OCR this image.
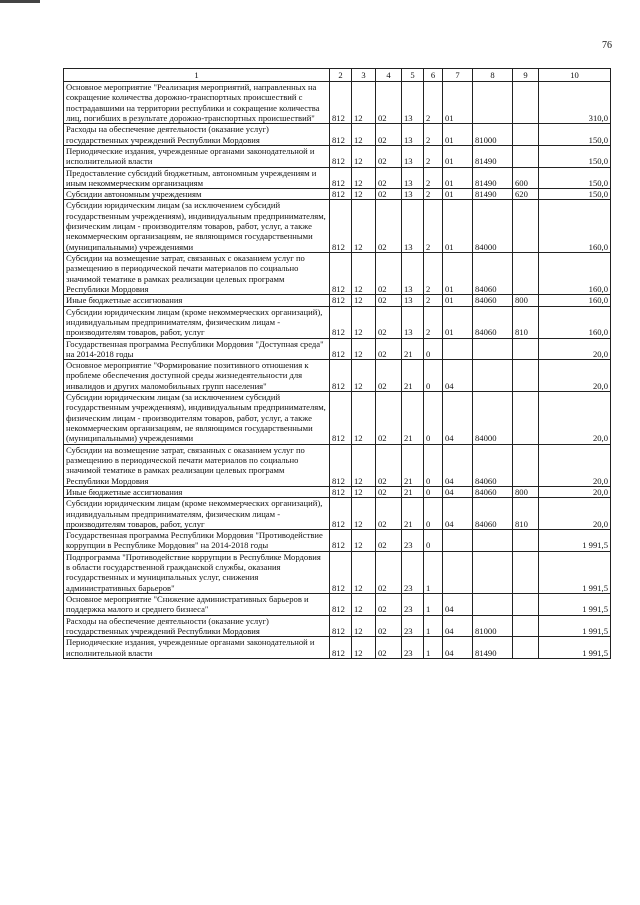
76
1	2	3	4	5	6	7	8	9	10
Основное мероприятие "Реализация мероприятий, направленных на сокращение количества дорожно-транспортных происшествий с пострадавшими на территории республики и сокращение количества лиц, погибших в результате дорожно-транспортных происшествий"	812	12	02	13	2	01			310,0
Расходы на обеспечение деятельности (оказание услуг) государственных учреждений Республики Мордовия	812	12	02	13	2	01	81000		150,0
Периодические издания, учрежденные органами законодательной и исполнительной власти	812	12	02	13	2	01	81490		150,0
Предоставление субсидий бюджетным, автономным учреждениям и иным некоммерческим организациям	812	12	02	13	2	01	81490	600	150,0
Субсидии автономным учреждениям	812	12	02	13	2	01	81490	620	150,0
Субсидии юридическим лицам (за исключением субсидий государственным учреждениям), индивидуальным предпринимателям, физическим лицам - производителям товаров, работ, услуг, а также некоммерческим организациям, не являющимся государственными (муниципальными) учреждениями	812	12	02	13	2	01	84000		160,0
Субсидии на возмещение затрат, связанных с оказанием услуг по размещению в периодической печати материалов по социально значимой тематике в рамках реализации целевых программ Республики Мордовия	812	12	02	13	2	01	84060		160,0
Иные бюджетные ассигнования	812	12	02	13	2	01	84060	800	160,0
Субсидии юридическим лицам (кроме некоммерческих организаций), индивидуальным предпринимателям, физическим лицам - производителям товаров, работ, услуг	812	12	02	13	2	01	84060	810	160,0
Государственная программа Республики Мордовия "Доступная среда" на 2014-2018 годы	812	12	02	21	0				20,0
Основное мероприятие "Формирование позитивного отношения к проблеме обеспечения доступной среды жизнедеятельности для инвалидов и других маломобильных групп населения"	812	12	02	21	0	04			20,0
Субсидии юридическим лицам (за исключением субсидий государственным учреждениям), индивидуальным предпринимателям, физическим лицам - производителям товаров, работ, услуг, а также некоммерческим организациям, не являющимся государственными (муниципальными) учреждениями	812	12	02	21	0	04	84000		20,0
Субсидии на возмещение затрат, связанных с оказанием услуг по размещению в периодической печати материалов по социально значимой тематике в рамках реализации целевых программ Республики Мордовия	812	12	02	21	0	04	84060		20,0
Иные бюджетные ассигнования	812	12	02	21	0	04	84060	800	20,0
Субсидии юридическим лицам (кроме некоммерческих организаций), индивидуальным предпринимателям, физическим лицам - производителям товаров, работ, услуг	812	12	02	21	0	04	84060	810	20,0
Государственная программа Республики Мордовия "Противодействие коррупции в Республике Мордовия" на 2014-2018 годы	812	12	02	23	0				1 991,5
Подпрограмма "Противодействие коррупции в Республике Мордовия в области государственной гражданской службы, оказания государственных и муниципальных услуг, снижения административных барьеров"	812	12	02	23	1				1 991,5
Основное мероприятие "Снижение административных барьеров и поддержка малого и среднего бизнеса"	812	12	02	23	1	04			1 991,5
Расходы на обеспечение деятельности (оказание услуг) государственных учреждений Республики Мордовия	812	12	02	23	1	04	81000		1 991,5
Периодические издания, учрежденные органами законодательной и исполнительной власти	812	12	02	23	1	04	81490		1 991,5
